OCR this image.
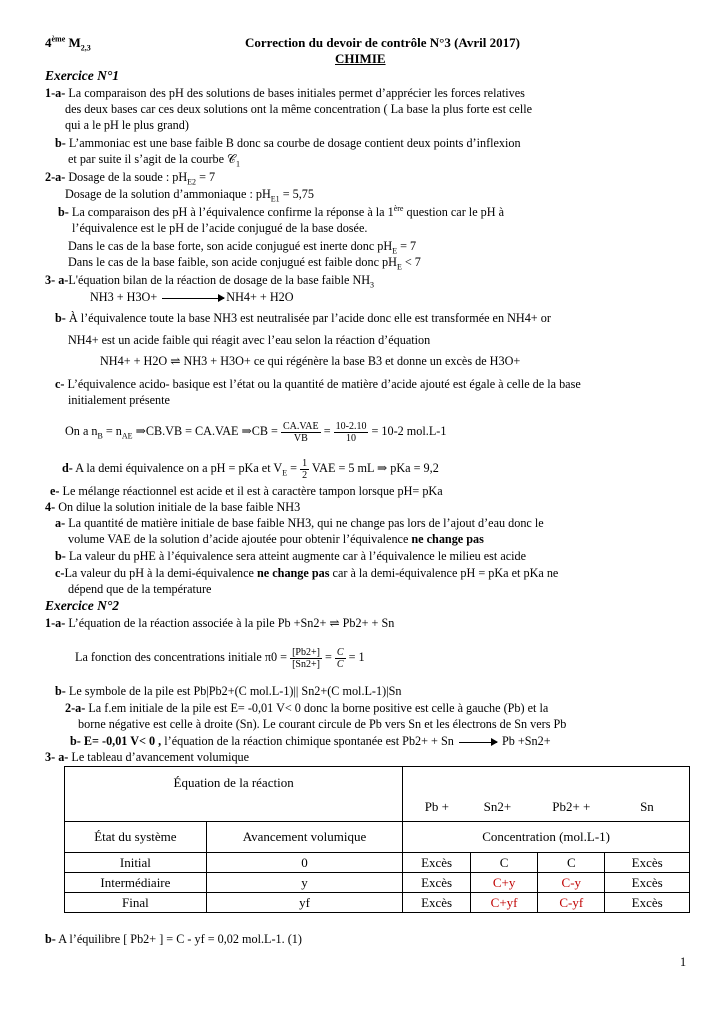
4ème $M_{2,3}$	Correction du devoir de contrôle N°3 (Avril 2017)
CHIMIE
Exercice N°1
1-a- La comparaison des pH des solutions de bases initiales permet d’apprécier les forces relatives
des deux bases car ces deux solutions ont la même concentration ( La base la plus forte est celle
qui a le pH le plus grand)
b- L’ammoniac est une base faible B donc sa courbe de dosage contient deux points d’inflexion
et par suite il s’agit de la courbe 𝒞$_1$
2-a- Dosage de la soude : $pH_{E2} = 7$
Dosage de la solution d’ammoniaque : $pH_{E1} = 5,75$
b- La comparaison des pH à l’équivalence confirme la réponse à la 1ère question car le pH à
l’équivalence est le pH de l’acide conjugué de la base dosée.
Dans le cas de la base forte, son acide conjugué est inerte donc $pH_E = 7$
Dans le cas de la base faible, son acide conjugué est faible donc $pH_E < 7$
3- a-L'équation bilan de la réaction de dosage de la base faible $NH_3$
NH3 + H3O+	NH4+ + H2O
b- À l’équivalence toute la base NH3 est neutralisée par l’acide donc elle est transformée en NH4+ or
NH4+ est un acide faible qui réagit avec l’eau selon la réaction d’équation
NH4+ + H2O ⇌ NH3 + H3O+ ce qui régénère la base B3 et donne un excès de H3O+
c- L’équivalence acido- basique est l’état ou la quantité de matière d’acide ajouté est égale à celle de la base
initialement présente
On a $n_B = n_{AE}$ ⇒CB.VB = CA.VAE ⇒CB = $\frac{\text{CA.VAE}}{VB} = \frac{10-2.10}{10} = 10-2$ mol.L-1
d- A la demi équivalence on a pH = pKa et $V_E = \frac{1}{2}$ VAE = 5 mL ⇒ pKa = 9,2
e- Le mélange réactionnel est acide et il est à caractère tampon lorsque pH= pKa
4- On dilue la solution initiale de la base faible NH3
a- La quantité de matière initiale de base faible NH3, qui ne change pas lors de l’ajout d’eau donc le
volume VAE de la solution d’acide ajoutée pour obtenir l’équivalence ne change pas
b- La valeur du pHE à l’équivalence sera atteint augmente car à l’équivalence le milieu est acide
c-La valeur du pH à la demi-équivalence ne change pas car à la demi-équivalence pH = pKa et pKa ne
dépend que de la température
Exercice N°2
1-a- L’équation de la réaction associée à la pile Pb +Sn2+ ⇌ Pb2+ + Sn
La fonction des concentrations initiale $\pi 0 = \frac{[Pb2+]}{[Sn2+]} = \frac{C}{C} = 1$
b- Le symbole de la pile est Pb|Pb2+(C mol.L-1)|| Sn2+(C mol.L-1)|Sn
2-a- La f.em initiale de la pile est E= -0,01 V< 0 donc la borne positive est celle à gauche (Pb) et la
borne négative est celle à droite (Sn). Le courant circule de Pb vers Sn et les électrons de Sn vers Pb
b- E= -0,01 V< 0 , l’équation de la réaction chimique spontanée est Pb2+ + Sn	Pb +Sn2+
3- a- Le tableau d’avancement volumique
Équation de la réaction		Pb +	Sn2+ ⃞	Pb2+ +	Sn
État du système	Avancement volumique	Concentration (mol.L-1)			
Initial	0	Excès	C	C	Excès
Intermédiaire	y	Excès	C+y	C-y	Excès
Final	yf	Excès	C+yf	C-yf	Excès
b- A l’équilibre [ Pb2+ ] = C - yf = 0,02 mol.L-1. (1)
1
